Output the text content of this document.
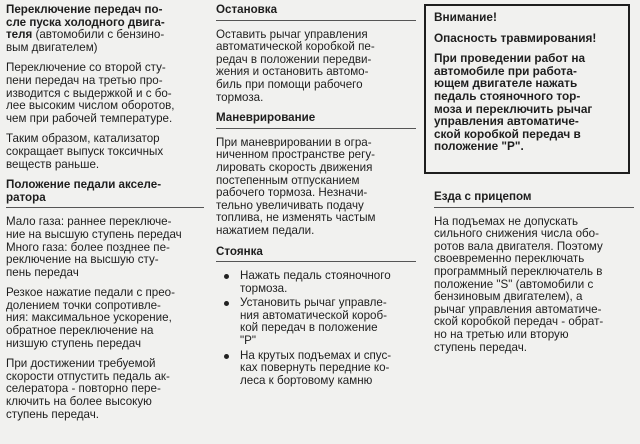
Переключение передач по-
сле пуска холодного двига-
теля (автомобили с бензино-
вым двигателем)
Переключение со второй сту-
пени передач на третью про-
изводится с выдержкой и с бо-
лее высоким числом оборотов,
чем при рабочей температуре.
Таким образом, катализатор
сокращает выпуск токсичных
веществ раньше.
Положение педали акселе-
ратора
Мало газа: раннее переключе-
ние на высшую ступень передач
Много газа: более позднее пе-
реключение на высшую сту-
пень передач
Резкое нажатие педали с прео-
долением точки сопротивле-
ния: максимальное ускорение,
обратное переключение на
низшую ступень передач
При достижении требуемой
скорости отпустить педаль ак-
селератора - повторно пере-
ключить на более высокую
ступень передач.
Остановка
Оставить рычаг управления
автоматической коробкой пе-
редач в положении передви-
жения и остановить автомо-
биль при помощи рабочего
тормоза.
Маневрирование
При маневрировании в огра-
ниченном пространстве регу-
лировать скорость движения
постепенным отпусканием
рабочего тормоза. Незначи-
тельно увеличивать подачу
топлива, не изменять частым
нажатием педали.
Стоянка
Нажать педаль стояночного
тормоза.
Установить рычаг управле-
ния автоматической короб-
кой передач в положение
"P"
На крутых подъемах и спус-
ках повернуть передние ко-
леса к бортовому камню
Внимание!
Опасность травмирования!
При проведении работ на
автомобиле при работа-
ющем двигателе нажать
педаль стояночного тор-
моза и переключить рычаг
управления автоматиче-
ской коробкой передач в
положение "P".
Езда с прицепом
На подъемах не допускать
сильного снижения числа обо-
ротов вала двигателя. Поэтому
своевременно переключать
программный переключатель в
положение "S" (автомобили с
бензиновым двигателем), а
рычаг управления автоматиче-
ской коробкой передач - обрат-
но на третью или вторую
ступень передач.
